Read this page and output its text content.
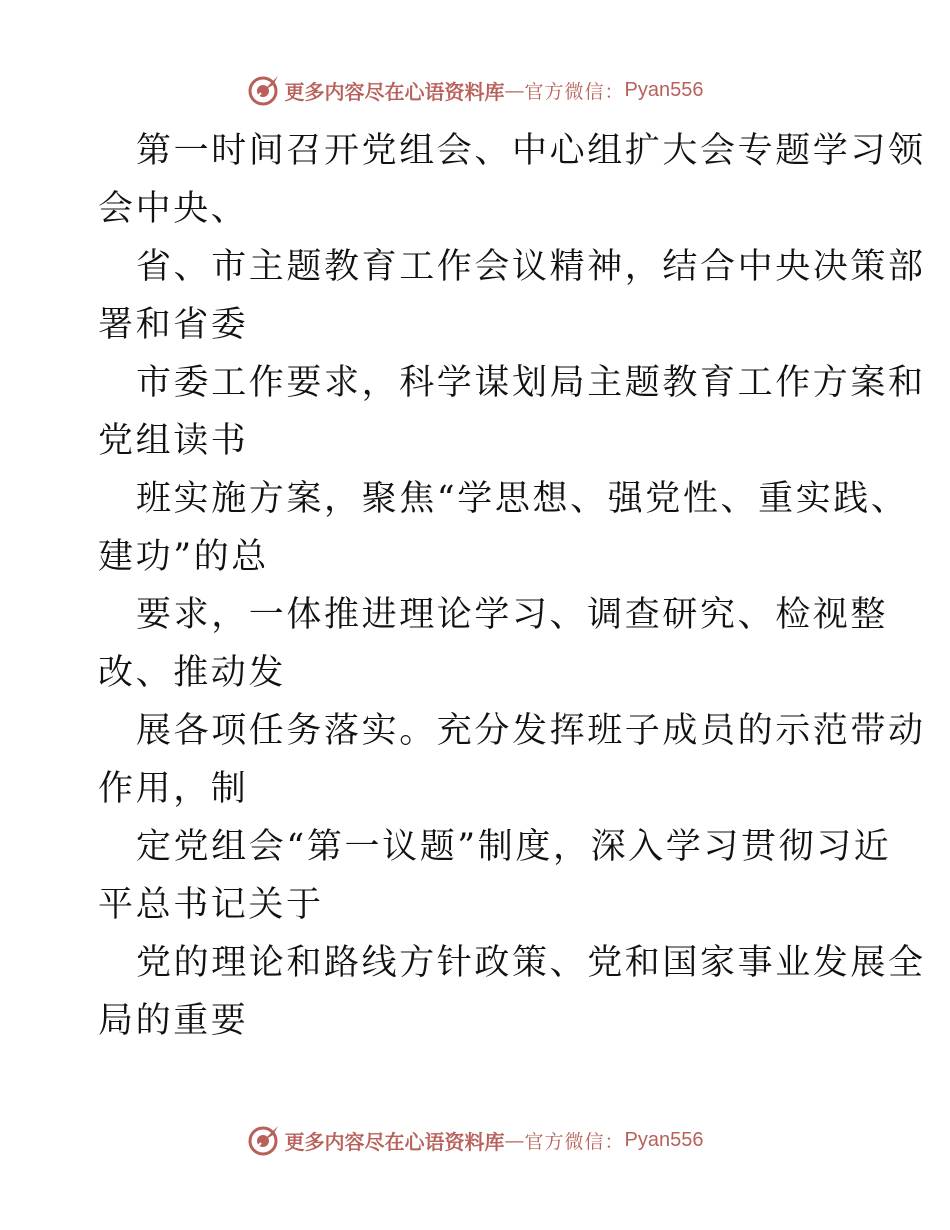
更多内容尽在心语资料库 — 官方微信： Pyan556
第一时间召开党组会、中心组扩大会专题学习领
会中央、
省、市主题教育工作会议精神，结合中央决策部
署和省委
市委工作要求，科学谋划局主题教育工作方案和
党组读书
班实施方案，聚焦“学思想、强党性、重实践、
建功”的总
要求，一体推进理论学习、调查研究、检视整
改、推动发
展各项任务落实。充分发挥班子成员的示范带动
作用，制
定党组会“第一议题”制度，深入学习贯彻习近
平总书记关于
党的理论和路线方针政策、党和国家事业发展全
局的重要
更多内容尽在心语资料库 — 官方微信： Pyan556
